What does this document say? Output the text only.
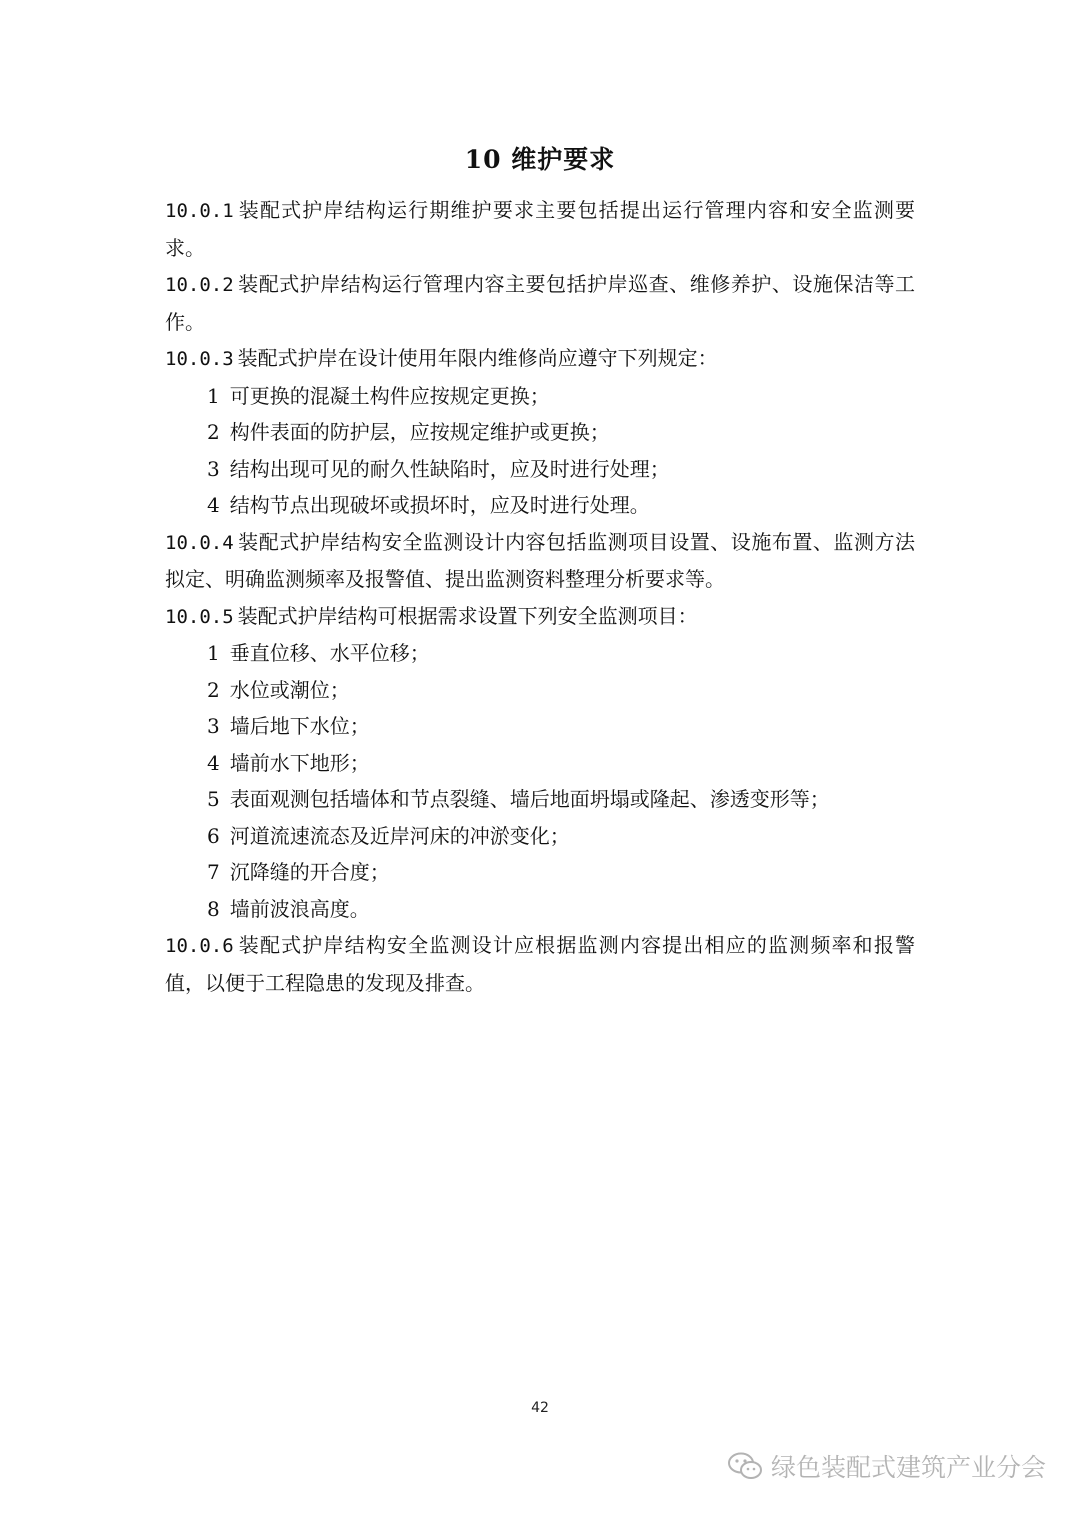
10 维护要求

10.0.1 装配式护岸结构运行期维护要求主要包括提出运行管理内容和安全监测要求。

10.0.2 装配式护岸结构运行管理内容主要包括护岸巡查、维修养护、设施保洁等工作。

10.0.3 装配式护岸在设计使用年限内维修尚应遵守下列规定：

1 可更换的混凝土构件应按规定更换；

2 构件表面的防护层，应按规定维护或更换；

3 结构出现可见的耐久性缺陷时，应及时进行处理；

4 结构节点出现破坏或损坏时，应及时进行处理。

10.0.4 装配式护岸结构安全监测设计内容包括监测项目设置、设施布置、监测方法拟定、明确监测频率及报警值、提出监测资料整理分析要求等。

10.0.5 装配式护岸结构可根据需求设置下列安全监测项目：

1 垂直位移、水平位移；

2 水位或潮位；

3 墙后地下水位；

4 墙前水下地形；

5 表面观测包括墙体和节点裂缝、墙后地面坍塌或隆起、渗透变形等；

6 河道流速流态及近岸河床的冲淤变化；

7 沉降缝的开合度；

8 墙前波浪高度。

10.0.6 装配式护岸结构安全监测设计应根据监测内容提出相应的监测频率和报警值，以便于工程隐患的发现及排查。

42
绿色装配式建筑产业分会
